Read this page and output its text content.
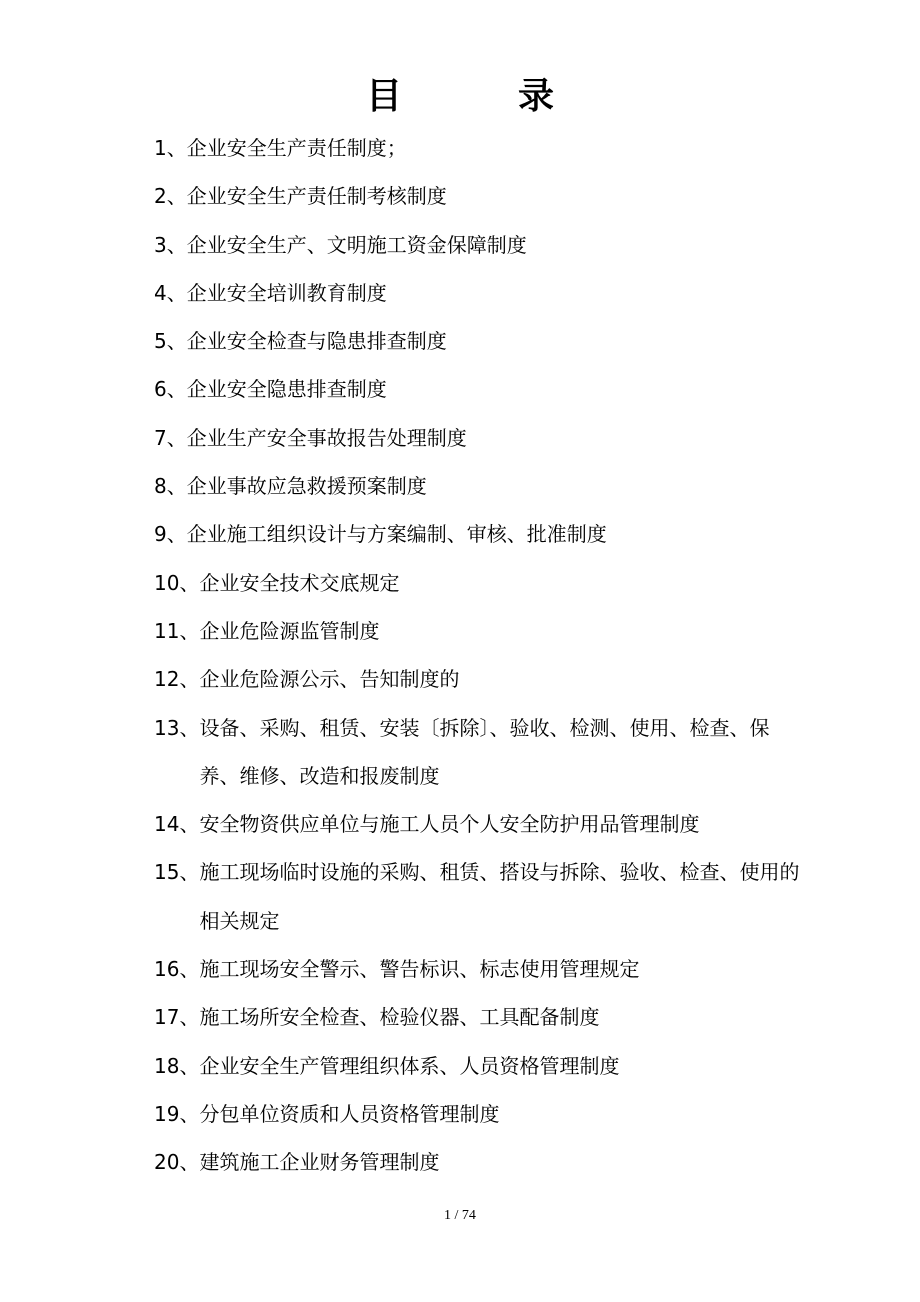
目　录
1、 企业安全生产责任制度；
2、 企业安全生产责任制考核制度
3、 企业安全生产、文明施工资金保障制度
4、 企业安全培训教育制度
5、 企业安全检查与隐患排查制度
6、 企业安全隐患排查制度
7、 企业生产安全事故报告处理制度
8、 企业事故应急救援预案制度
9、 企业施工组织设计与方案编制、审核、批准制度
10、 企业安全技术交底规定
11、 企业危险源监管制度
12、 企业危险源公示、告知制度的
13、 设备、采购、租赁、安装〔拆除〕、验收、检测、使用、检查、保养、维修、改造和报废制度
14、 安全物资供应单位与施工人员个人安全防护用品管理制度
15、 施工现场临时设施的采购、租赁、搭设与拆除、验收、检查、使用的相关规定
16、 施工现场安全警示、警告标识、标志使用管理规定
17、 施工场所安全检查、检验仪器、工具配备制度
18、 企业安全生产管理组织体系、人员资格管理制度
19、 分包单位资质和人员资格管理制度
20、 建筑施工企业财务管理制度
1 / 74
